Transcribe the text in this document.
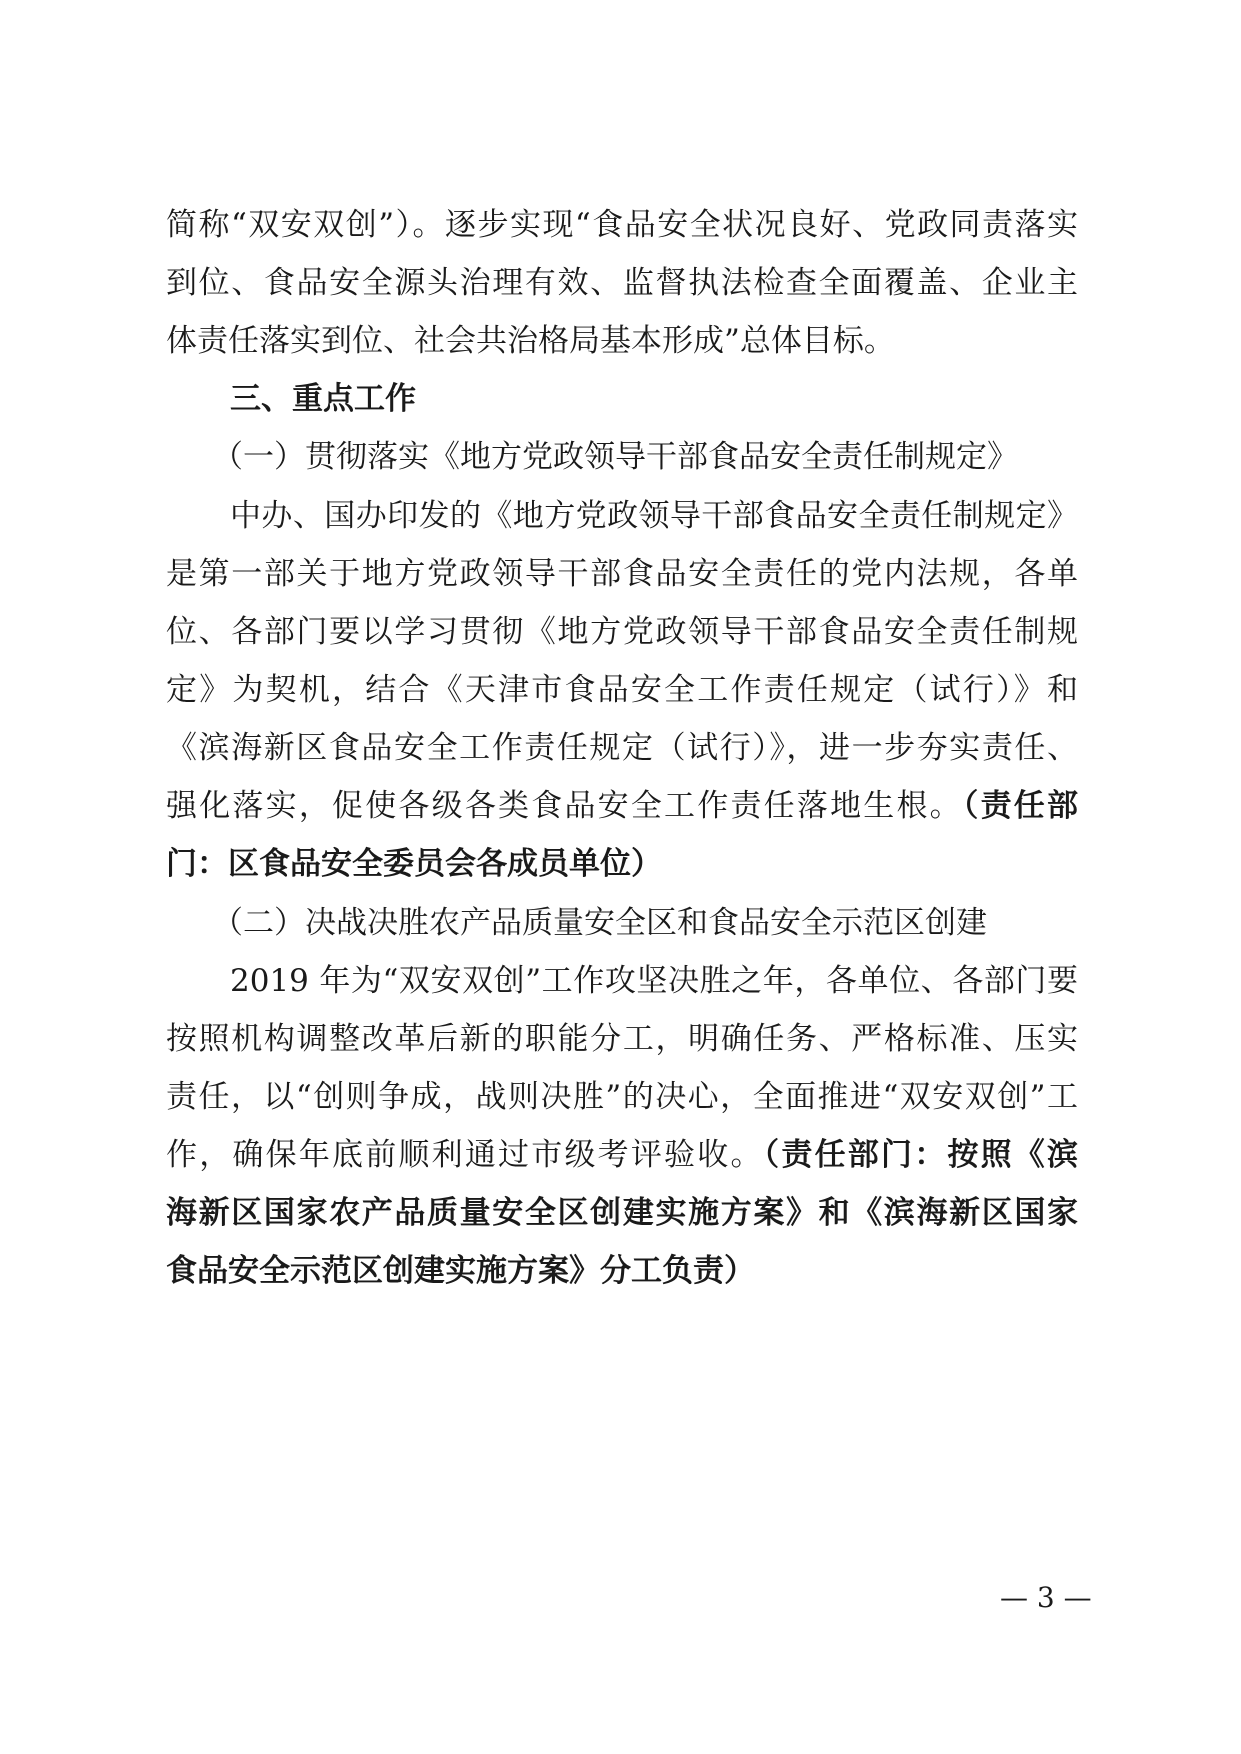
简称“双安双创”）。逐步实现“食品安全状况良好、党政同责落实
到位、食品安全源头治理有效、监督执法检查全面覆盖、企业主
体责任落实到位、社会共治格局基本形成”总体目标。
三、重点工作
（一）贯彻落实《地方党政领导干部食品安全责任制规定》
中办、国办印发的《地方党政领导干部食品安全责任制规定》
是第一部关于地方党政领导干部食品安全责任的党内法规，各单
位、各部门要以学习贯彻《地方党政领导干部食品安全责任制规
定》为契机，结合《天津市食品安全工作责任规定（试行）》和
《滨海新区食品安全工作责任规定（试行）》，进一步夯实责任、
强化落实，促使各级各类食品安全工作责任落地生根。（责任部
门：区食品安全委员会各成员单位）
（二）决战决胜农产品质量安全区和食品安全示范区创建
2019 年为“双安双创”工作攻坚决胜之年，各单位、各部门要
按照机构调整改革后新的职能分工，明确任务、严格标准、压实
责任，以“创则争成，战则决胜”的决心，全面推进“双安双创”工
作，确保年底前顺利通过市级考评验收。（责任部门：按照《滨
海新区国家农产品质量安全区创建实施方案》和《滨海新区国家
食品安全示范区创建实施方案》分工负责）
— 3 —
